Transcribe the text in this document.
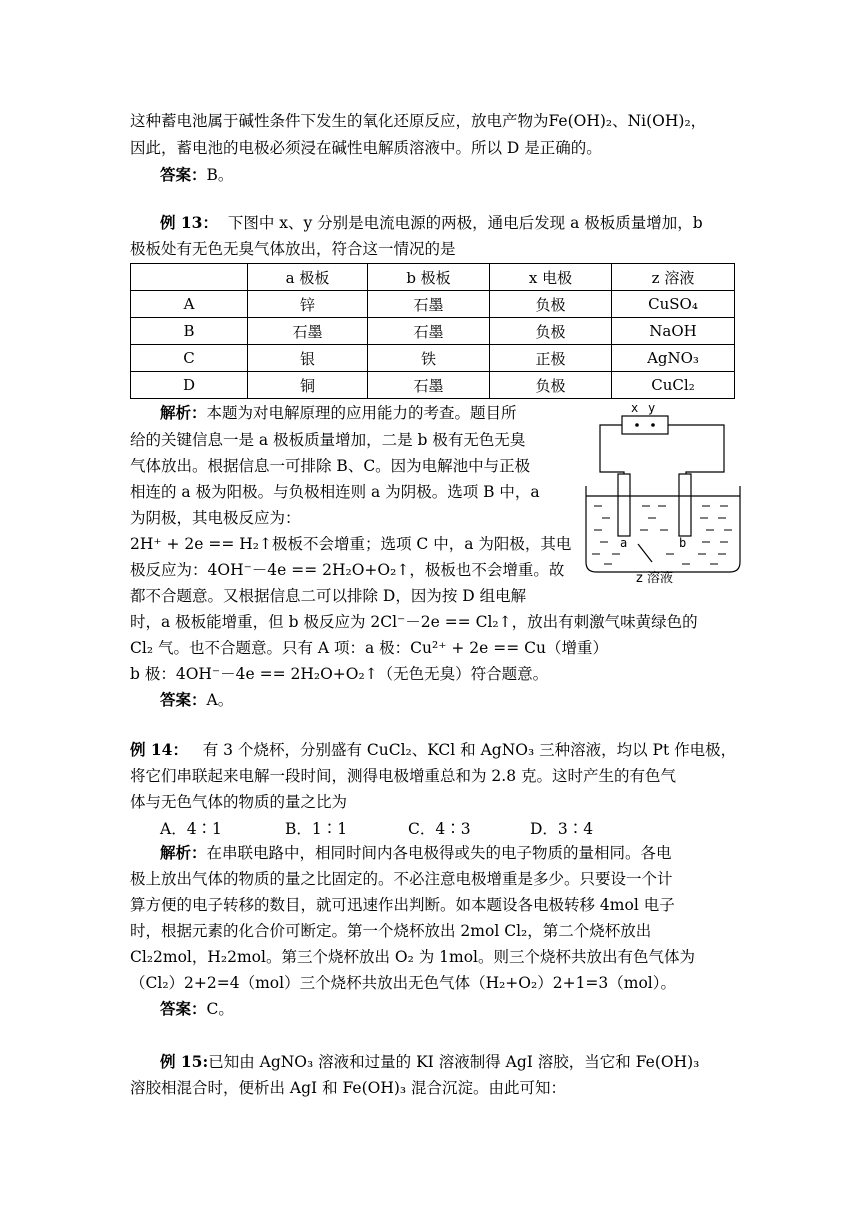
这种蓄电池属于碱性条件下发生的氧化还原反应，放电产物为Fe(OH)₂、Ni(OH)₂，
因此，蓄电池的电极必须浸在碱性电解质溶液中。所以 D 是正确的。
答案：B。
例 13： 下图中 x、y 分别是电流电源的两极，通电后发现 a 极板质量增加，b
极板处有无色无臭气体放出，符合这一情况的是
	a 极板	b 极板	x 电极	z 溶液
A	锌	石墨	负极	CuSO₄
B	石墨	石墨	负极	NaOH
C	银	铁	正极	AgNO₃
D	铜	石墨	负极	CuCl₂
x y
a	b
z 溶液
解析：本题为对电解原理的应用能力的考查。题目所
给的关键信息一是 a 极板质量增加，二是 b 极有无色无臭
气体放出。根据信息一可排除 B、C。因为电解池中与正极
相连的 a 极为阳极。与负极相连则 a 为阴极。选项 B 中，a
为阴极，其电极反应为：
2H⁺ + 2e == H₂↑极板不会增重；选项 C 中，a 为阳极，其电
极反应为：4OH⁻－4e == 2H₂O+O₂↑，极板也不会增重。故
都不合题意。又根据信息二可以排除 D，因为按 D 组电解
时，a 极板能增重，但 b 极反应为 2Cl⁻－2e == Cl₂↑，放出有刺激气味黄绿色的
Cl₂ 气。也不合题意。只有 A 项：a 极：Cu²⁺ + 2e == Cu（增重）
b 极：4OH⁻－4e == 2H₂O+O₂↑（无色无臭）符合题意。
答案：A。
例 14： 有 3 个烧杯，分别盛有 CuCl₂、KCl 和 AgNO₃ 三种溶液，均以 Pt 作电极，
将它们串联起来电解一段时间，测得电极增重总和为 2.8 克。这时产生的有色气
体与无色气体的物质的量之比为
A．4∶1	B．1∶1	C．4∶3	D．3∶4
解析：在串联电路中，相同时间内各电极得或失的电子物质的量相同。各电
极上放出气体的物质的量之比固定的。不必注意电极增重是多少。只要设一个计
算方便的电子转移的数目，就可迅速作出判断。如本题设各电极转移 4mol 电子
时，根据元素的化合价可断定。第一个烧杯放出 2mol Cl₂，第二个烧杯放出
Cl₂2mol，H₂2mol。第三个烧杯放出 O₂ 为 1mol。则三个烧杯共放出有色气体为
（Cl₂）2+2=4（mol）三个烧杯共放出无色气体（H₂+O₂）2+1=3（mol）。
答案：C。
例 15:已知由 AgNO₃ 溶液和过量的 KI 溶液制得 AgI 溶胶，当它和 Fe(OH)₃
溶胶相混合时，便析出 AgI 和 Fe(OH)₃ 混合沉淀。由此可知：
